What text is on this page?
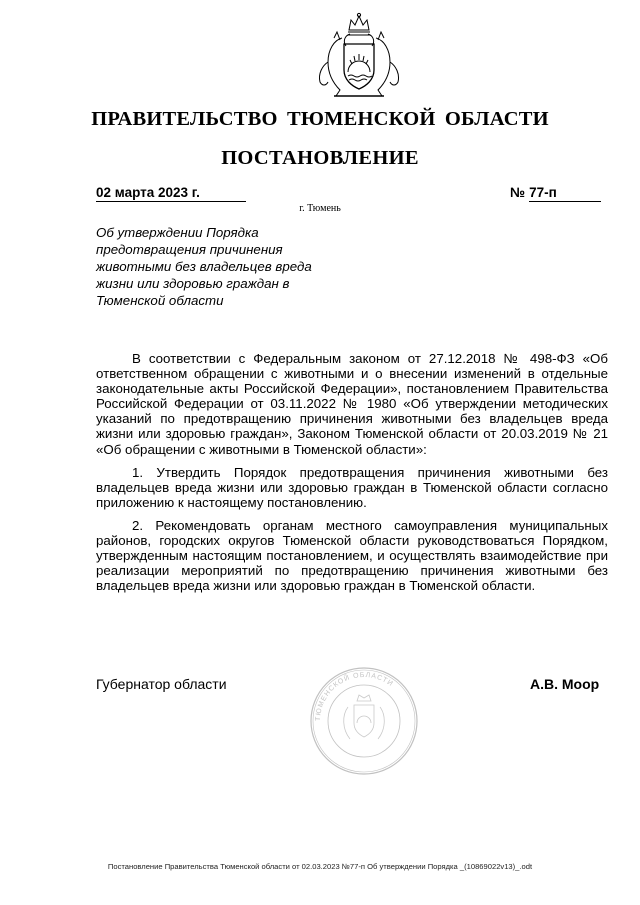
ПРАВИТЕЛЬСТВО ТЮМЕНСКОЙ ОБЛАСТИ
ПОСТАНОВЛЕНИЕ
02 марта 2023 г.	№ 77-п
г. Тюмень
Об утверждении Порядка предотвращения причинения животными без владельцев вреда жизни или здоровью граждан в Тюменской области

В соответствии с Федеральным законом от 27.12.2018 № 498-ФЗ «Об ответственном обращении с животными и о внесении изменений в отдельные законодательные акты Российской Федерации», постановлением Правительства Российской Федерации от 03.11.2022 № 1980 «Об утверждении методических указаний по предотвращению причинения животными без владельцев вреда жизни или здоровью граждан», Законом Тюменской области от 20.03.2019 № 21 «Об обращении с животными в Тюменской области»:

1. Утвердить Порядок предотвращения причинения животными без владельцев вреда жизни или здоровью граждан в Тюменской области согласно приложению к настоящему постановлению.

2. Рекомендовать органам местного самоуправления муниципальных районов, городских округов Тюменской области руководствоваться Порядком, утвержденным настоящим постановлением, и осуществлять взаимодействие при реализации мероприятий по предотвращению причинения животными без владельцев вреда жизни или здоровью граждан в Тюменской области.

Губернатор области	А.В. Моор
ТЮМЕНСКОЙ ОБЛАСТИ
Постановление Правительства Тюменской области от 02.03.2023 №77-п Об утверждении Порядка _(10869022v13)_.odt
